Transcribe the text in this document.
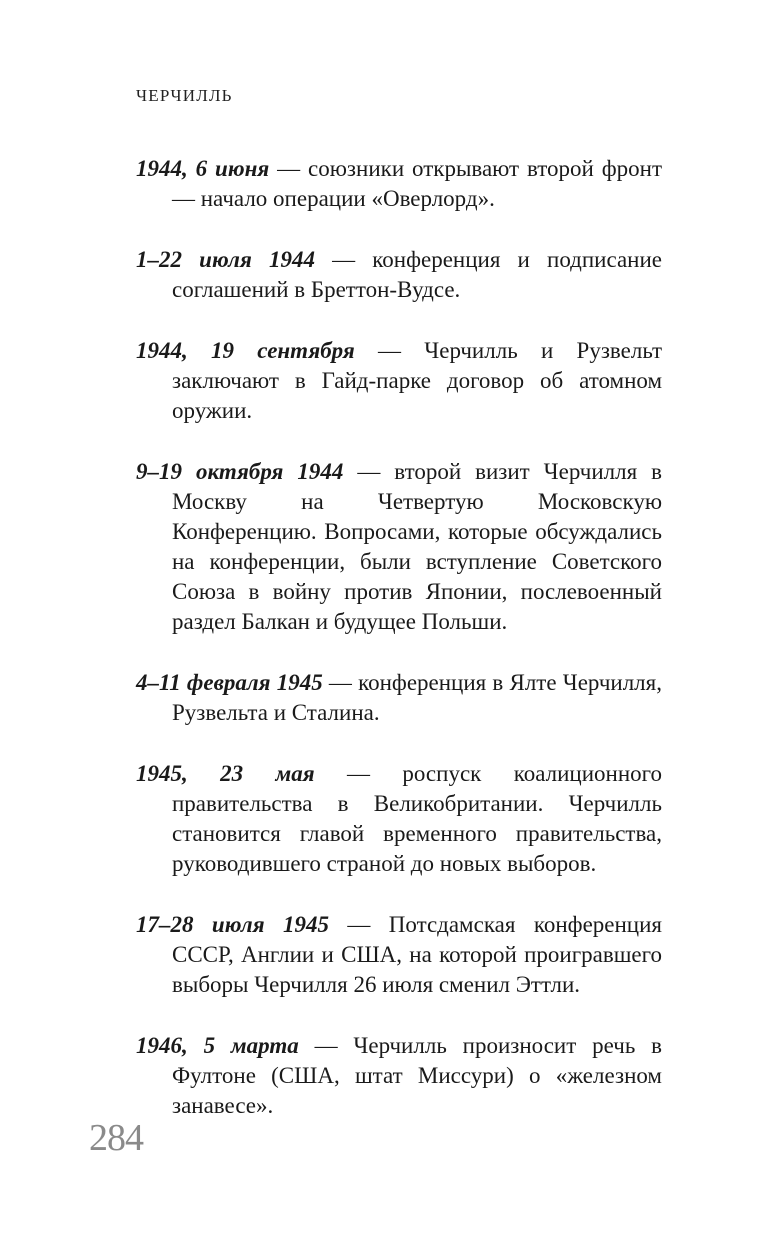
ЧЕРЧИЛЛЬ

1944, 6 июня — союзники открывают второй фронт — начало операции «Оверлорд».

1–22 июля 1944 — конференция и подписание соглашений в Бреттон-Вудсе.

1944, 19 сентября — Черчилль и Рузвельт заключают в Гайд-парке договор об атомном оружии.

9–19 октября 1944 — второй визит Черчилля в Москву на Четвертую Московскую Конференцию. Вопросами, которые обсуждались на конференции, были вступление Советского Союза в войну против Японии, послевоенный раздел Балкан и будущее Польши.

4–11 февраля 1945 — конференция в Ялте Черчилля, Рузвельта и Сталина.

1945, 23 мая — роспуск коалиционного правительства в Великобритании. Черчилль становится главой временного правительства, руководившего страной до новых выборов.

17–28 июля 1945 — Потсдамская конференция СССР, Англии и США, на которой проигравшего выборы Черчилля 26 июля сменил Эттли.

1946, 5 марта — Черчилль произносит речь в Фултоне (США, штат Миссури) о «железном занавесе».

284
